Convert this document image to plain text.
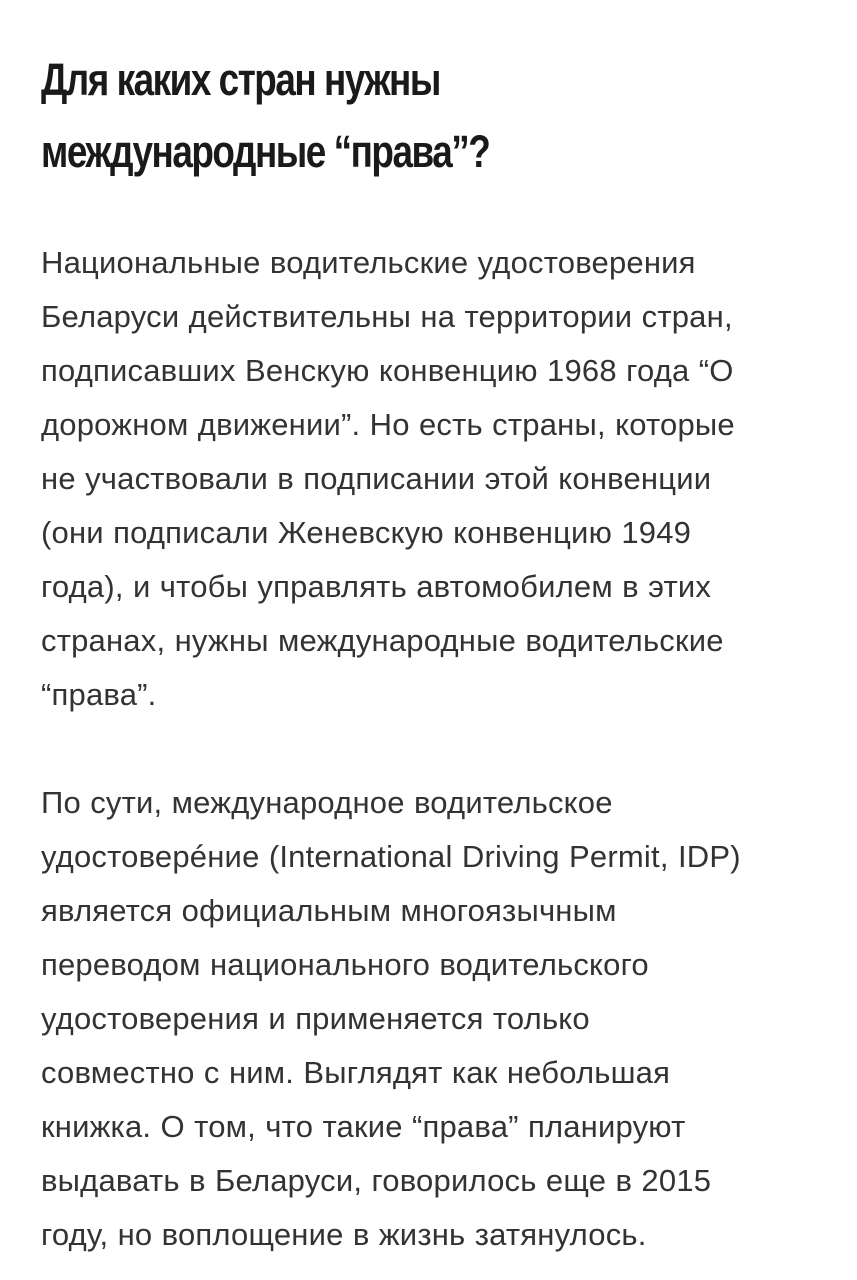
Для каких стран нужны
международные “права”?

Национальные водительские удостоверения
Беларуси действительны на территории стран,
подписавших Венскую конвенцию 1968 года “О
дорожном движении”. Но есть страны, которые
не участвовали в подписании этой конвенции
(они подписали Женевскую конвенцию 1949
года), и чтобы управлять автомобилем в этих
странах, нужны международные водительские
“права”.

По сути, международное водительское
удостоверéние (International Driving Permit, IDP)
является официальным многоязычным
переводом национального водительского
удостоверения и применяется только
совместно с ним. Выглядят как небольшая
книжка. О том, что такие “права” планируют
выдавать в Беларуси, говорилось еще в 2015
году, но воплощение в жизнь затянулось.
